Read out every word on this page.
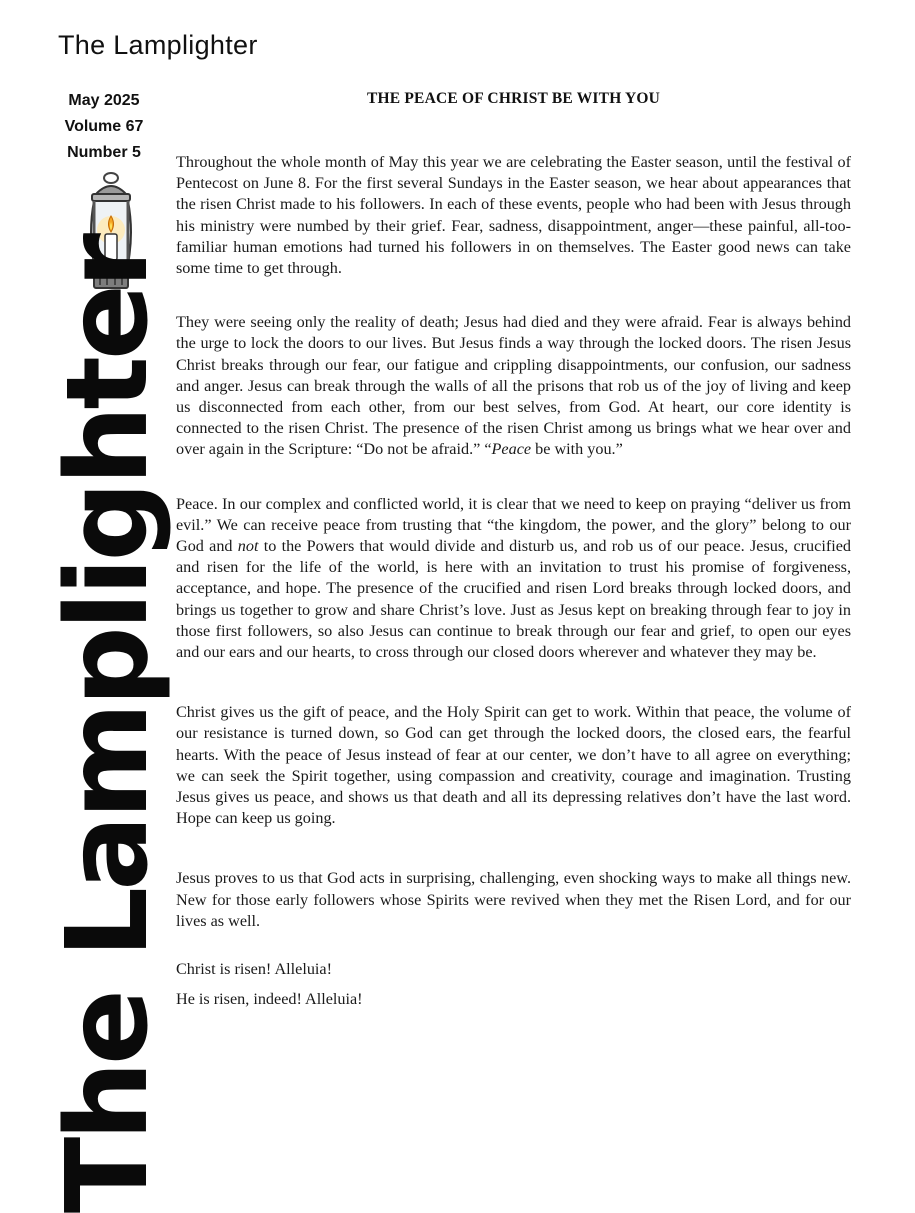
The Lamplighter
May 2025
Volume 67
Number 5
The Lamplighter
THE PEACE OF CHRIST BE WITH YOU

Throughout the whole month of May this year we are celebrating the Easter season, until the festival of Pentecost on June 8. For the first several Sundays in the Easter season, we hear about appearances that the risen Christ made to his followers. In each of these events, people who had been with Jesus through his ministry were numbed by their grief. Fear, sadness, disappointment, anger—these painful, all-too-familiar human emotions had turned his followers in on themselves. The Easter good news can take some time to get through.

They were seeing only the reality of death; Jesus had died and they were afraid. Fear is always behind the urge to lock the doors to our lives. But Jesus finds a way through the locked doors. The risen Jesus Christ breaks through our fear, our fatigue and crippling disappointments, our confusion, our sadness and anger. Jesus can break through the walls of all the prisons that rob us of the joy of living and keep us disconnected from each other, from our best selves, from God. At heart, our core identity is connected to the risen Christ. The presence of the risen Christ among us brings what we hear over and over again in the Scripture: “Do not be afraid.” “Peace be with you.”

Peace. In our complex and conflicted world, it is clear that we need to keep on praying “deliver us from evil.” We can receive peace from trusting that “the kingdom, the power, and the glory” belong to our God and not to the Powers that would divide and disturb us, and rob us of our peace. Jesus, crucified and risen for the life of the world, is here with an invitation to trust his promise of forgiveness, acceptance, and hope. The presence of the crucified and risen Lord breaks through locked doors, and brings us together to grow and share Christ’s love. Just as Jesus kept on breaking through fear to joy in those first followers, so also Jesus can continue to break through our fear and grief, to open our eyes and our ears and our hearts, to cross through our closed doors wherever and whatever they may be.

Christ gives us the gift of peace, and the Holy Spirit can get to work. Within that peace, the volume of our resistance is turned down, so God can get through the locked doors, the closed ears, the fearful hearts. With the peace of Jesus instead of fear at our center, we don’t have to all agree on everything; we can seek the Spirit together, using compassion and creativity, courage and imagination. Trusting Jesus gives us peace, and shows us that death and all its depressing relatives don’t have the last word. Hope can keep us going.

Jesus proves to us that God acts in surprising, challenging, even shocking ways to make all things new. New for those early followers whose Spirits were revived when they met the Risen Lord, and for our lives as well.

Christ is risen! Alleluia!

He is risen, indeed! Alleluia!
